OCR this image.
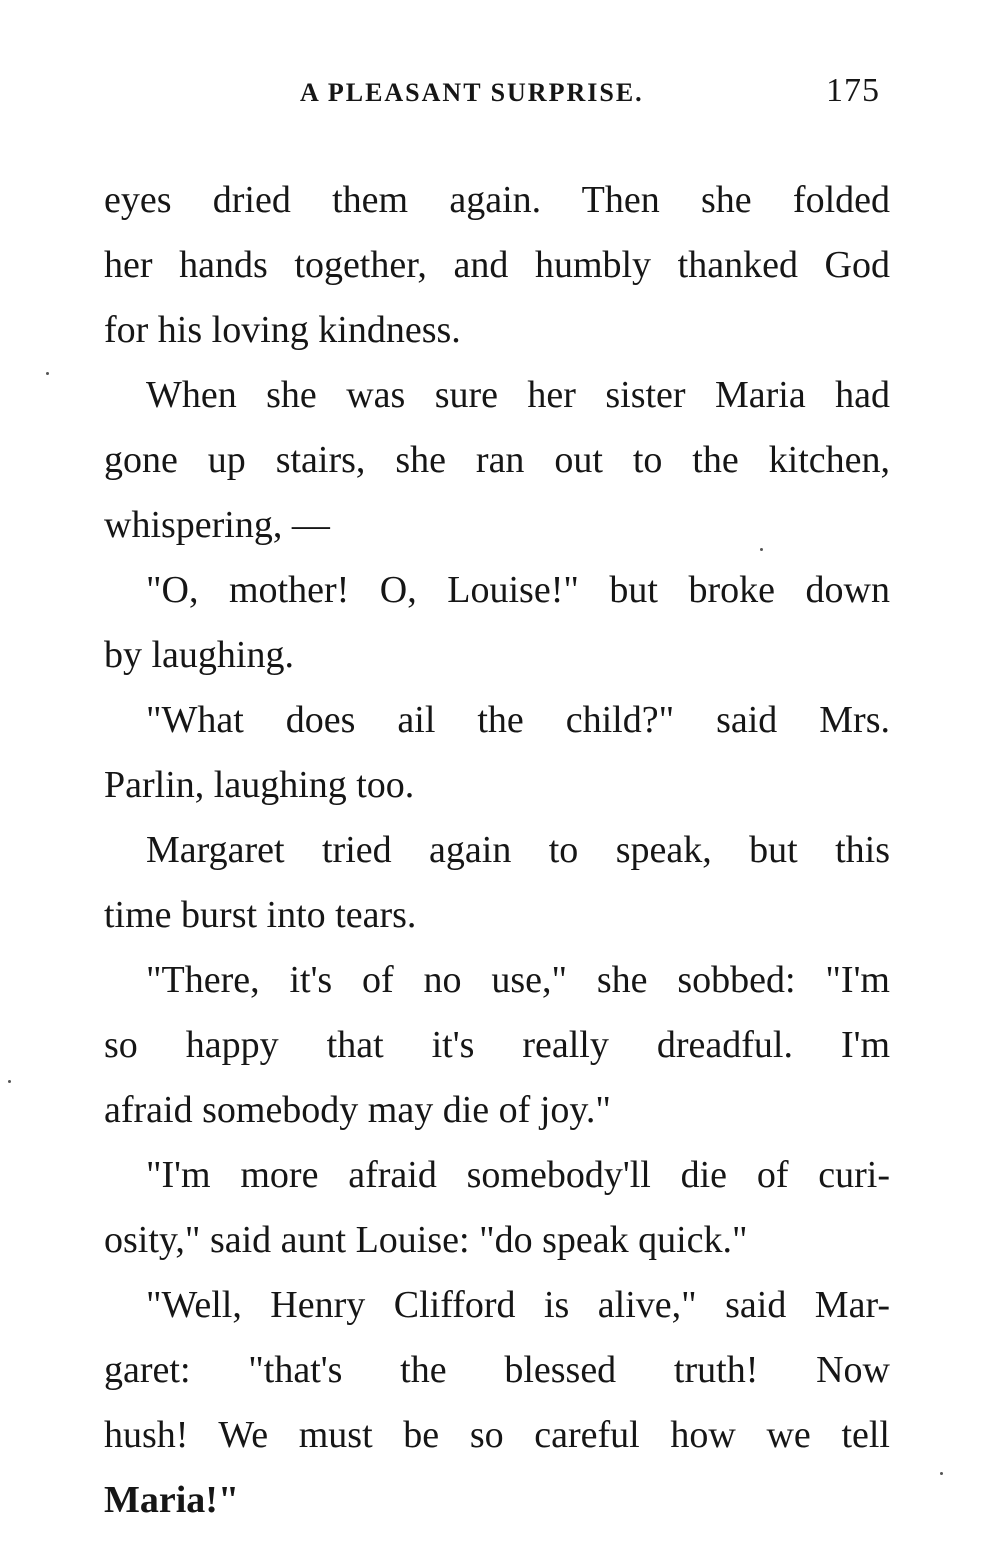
A PLEASANT SURPRISE.	175
eyes dried them again. Then she folded
her hands together, and humbly thanked God
for his loving kindness.
When she was sure her sister Maria had
gone up stairs, she ran out to the kitchen,
whispering, —
"O, mother! O, Louise!" but broke down
by laughing.
"What does ail the child?" said Mrs.
Parlin, laughing too.
Margaret tried again to speak, but this
time burst into tears.
"There, it's of no use," she sobbed: "I'm
so happy that it's really dreadful. I'm
afraid somebody may die of joy."
"I'm more afraid somebody'll die of curi-
osity," said aunt Louise: "do speak quick."
"Well, Henry Clifford is alive," said Mar-
garet: "that's the blessed truth! Now
hush! We must be so careful how we tell
Maria!"
